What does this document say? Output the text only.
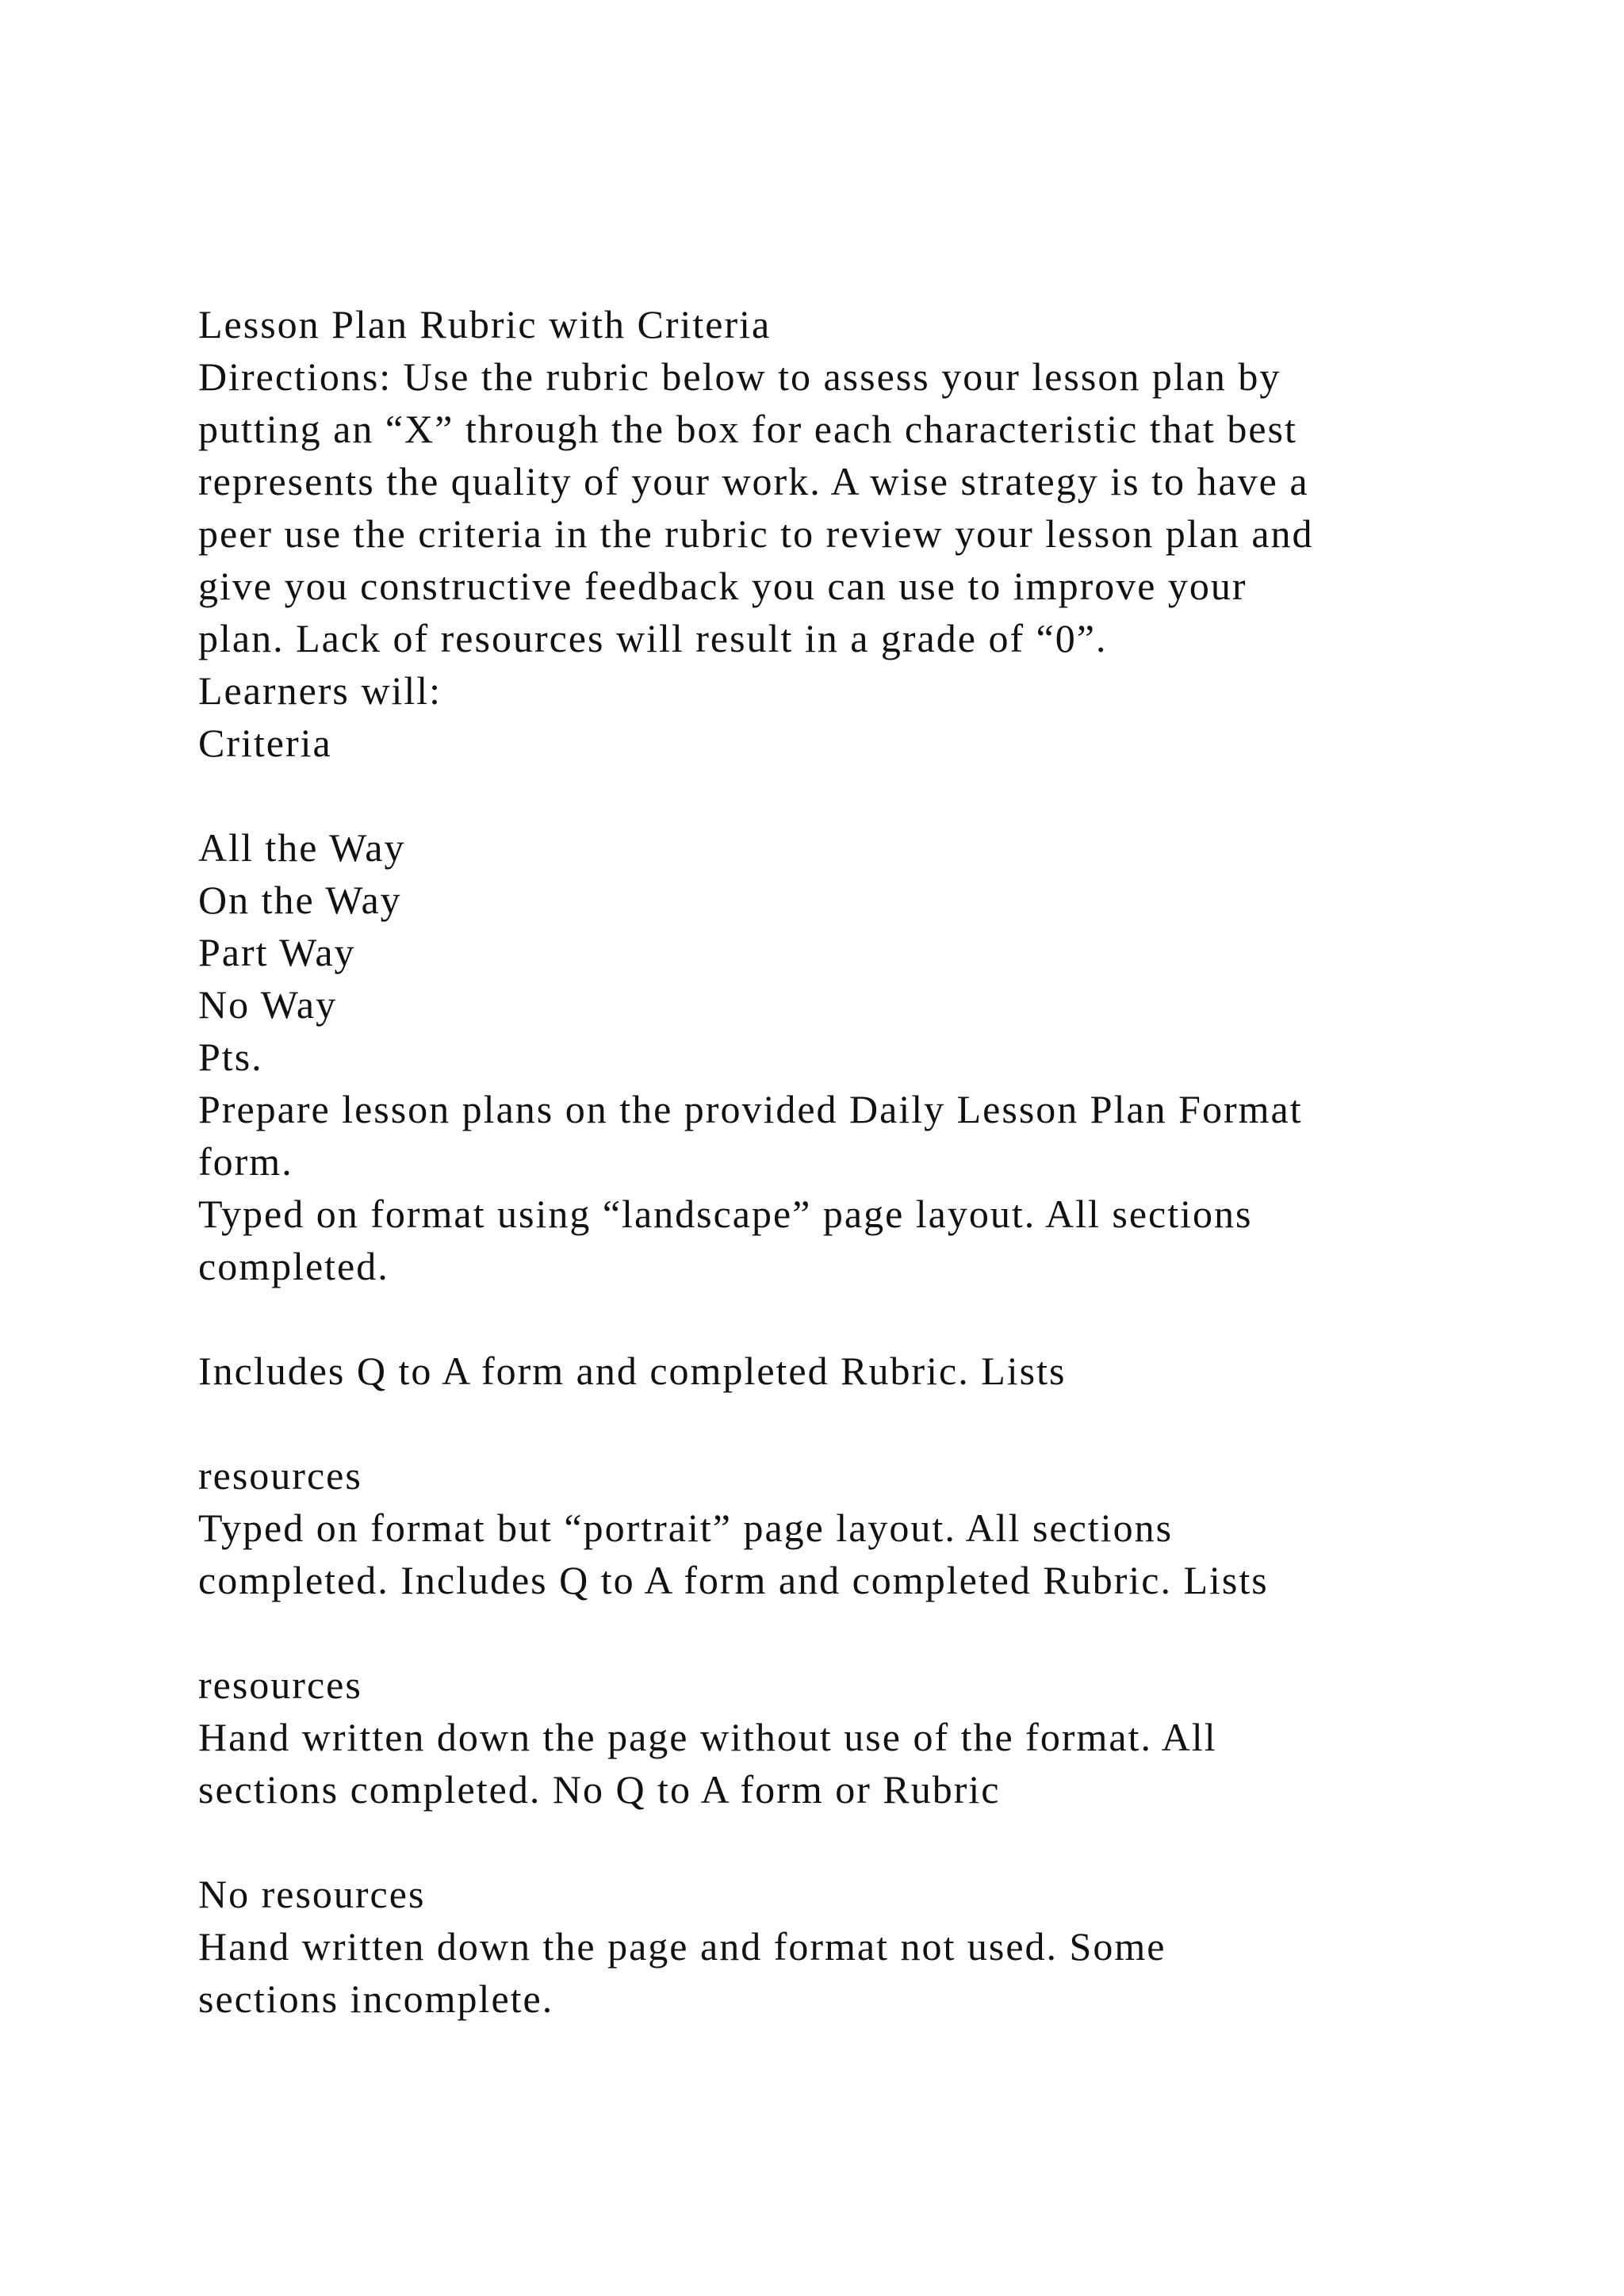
Lesson Plan Rubric with Criteria
Directions: Use the rubric below to assess your lesson plan by
putting an “X” through the box for each characteristic that best
represents the quality of your work. A wise strategy is to have a
peer use the criteria in the rubric to review your lesson plan and
give you constructive feedback you can use to improve your
plan. Lack of resources will result in a grade of “0”.
Learners will:
Criteria
All the Way
On the Way
Part Way
No Way
Pts.
Prepare lesson plans on the provided Daily Lesson Plan Format
form.
Typed on format using “landscape” page layout. All sections
completed.
Includes Q to A form and completed Rubric. Lists
resources
Typed on format but “portrait” page layout. All sections
completed. Includes Q to A form and completed Rubric. Lists
resources
Hand written down the page without use of the format. All
sections completed. No Q to A form or Rubric
No resources
Hand written down the page and format not used. Some
sections incomplete.
